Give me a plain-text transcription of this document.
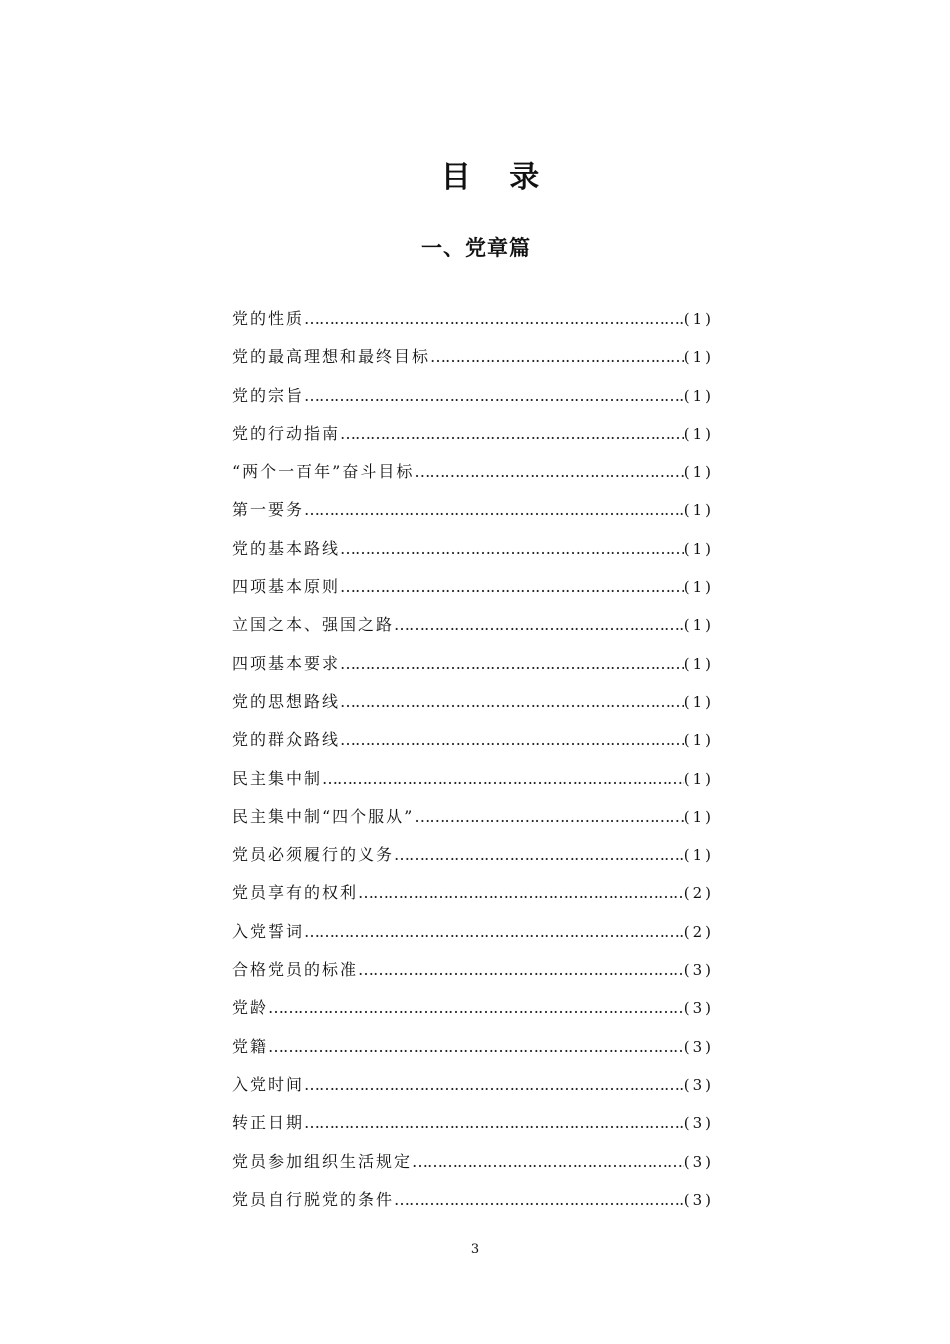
目 录
一、党章篇
党的性质 ……………………………………………………………………………………………………………………………………………………………………………………	(1)
党的最高理想和最终目标 ……………………………………………………………………………………………………………………………………………………………………………………	(1)
党的宗旨 ……………………………………………………………………………………………………………………………………………………………………………………	(1)
党的行动指南 ……………………………………………………………………………………………………………………………………………………………………………………	(1)
“两个一百年”奋斗目标 ……………………………………………………………………………………………………………………………………………………………………………………	(1)
第一要务 ……………………………………………………………………………………………………………………………………………………………………………………	(1)
党的基本路线 ……………………………………………………………………………………………………………………………………………………………………………………	(1)
四项基本原则 ……………………………………………………………………………………………………………………………………………………………………………………	(1)
立国之本、强国之路 ……………………………………………………………………………………………………………………………………………………………………………………	(1)
四项基本要求 ……………………………………………………………………………………………………………………………………………………………………………………	(1)
党的思想路线 ……………………………………………………………………………………………………………………………………………………………………………………	(1)
党的群众路线 ……………………………………………………………………………………………………………………………………………………………………………………	(1)
民主集中制 ……………………………………………………………………………………………………………………………………………………………………………………	(1)
民主集中制“四个服从” ……………………………………………………………………………………………………………………………………………………………………………………	(1)
党员必须履行的义务 ……………………………………………………………………………………………………………………………………………………………………………………	(1)
党员享有的权利 ……………………………………………………………………………………………………………………………………………………………………………………	(2)
入党誓词 ……………………………………………………………………………………………………………………………………………………………………………………	(2)
合格党员的标准 ……………………………………………………………………………………………………………………………………………………………………………………	(3)
党龄 ……………………………………………………………………………………………………………………………………………………………………………………	(3)
党籍 ……………………………………………………………………………………………………………………………………………………………………………………	(3)
入党时间 ……………………………………………………………………………………………………………………………………………………………………………………	(3)
转正日期 ……………………………………………………………………………………………………………………………………………………………………………………	(3)
党员参加组织生活规定 ……………………………………………………………………………………………………………………………………………………………………………………	(3)
党员自行脱党的条件 ……………………………………………………………………………………………………………………………………………………………………………………	(3)
3
